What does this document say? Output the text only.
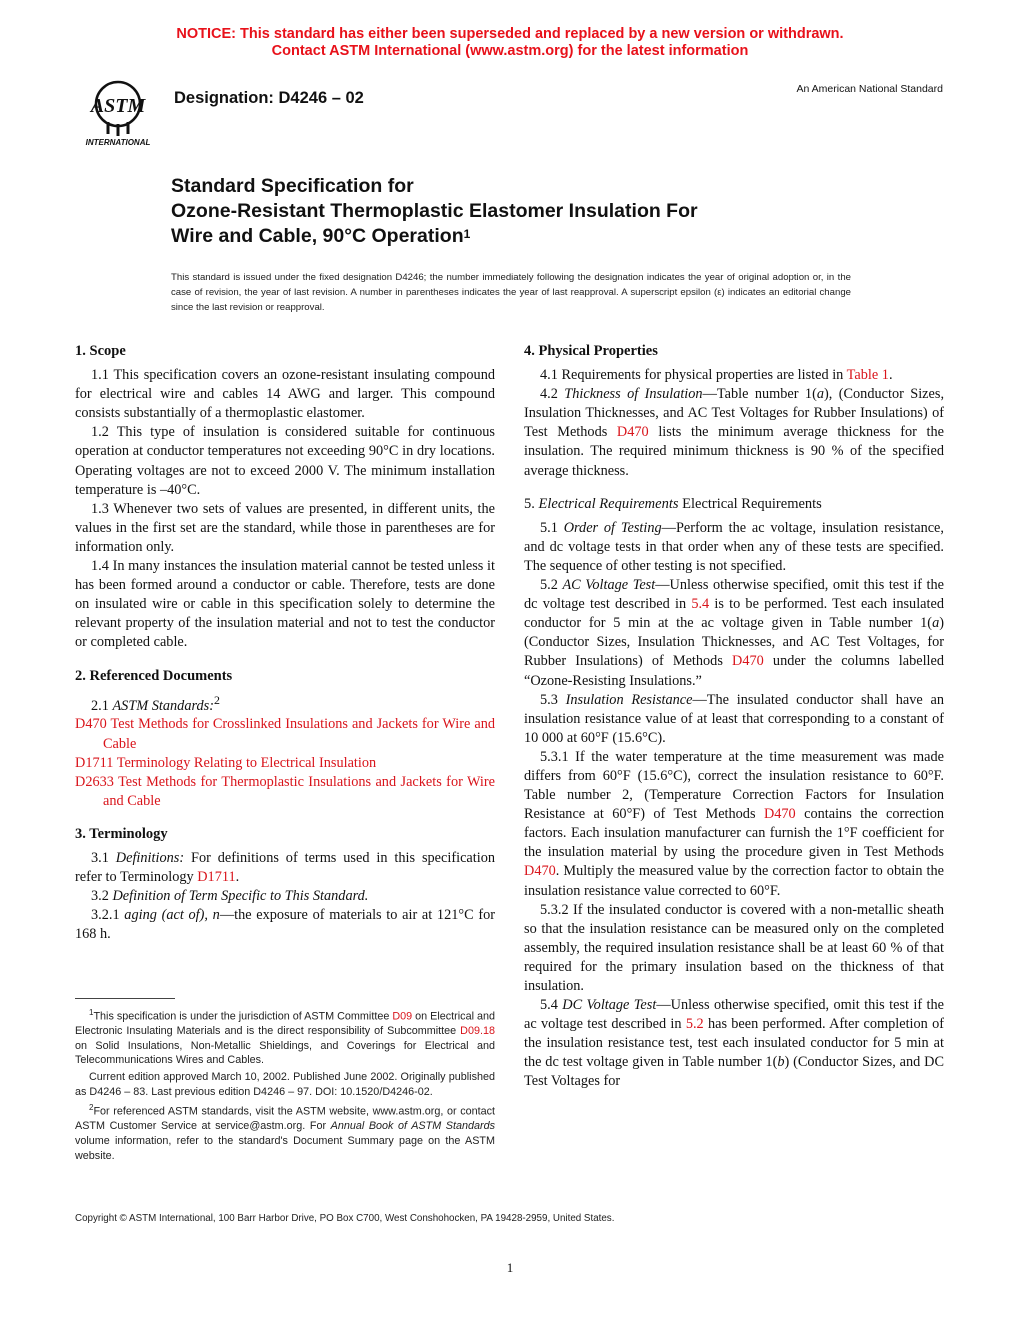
NOTICE: This standard has either been superseded and replaced by a new version or withdrawn.
Contact ASTM International (www.astm.org) for the latest information
ASTM
INTERNATIONAL
Designation: D4246 – 02	An American National Standard
Standard Specification for
Ozone-Resistant Thermoplastic Elastomer Insulation For
Wire and Cable, 90°C Operation$^1$
This standard is issued under the fixed designation D4246; the number immediately following the designation indicates the year of original adoption or, in the case of revision, the year of last revision. A number in parentheses indicates the year of last reapproval. A superscript epsilon (ε) indicates an editorial change since the last revision or reapproval.
1. Scope

1.1 This specification covers an ozone-resistant insulating compound for electrical wire and cables 14 AWG and larger. This compound consists substantially of a thermoplastic elastomer.

1.2 This type of insulation is considered suitable for continuous operation at conductor temperatures not exceeding 90°C in dry locations. Operating voltages are not to exceed 2000 V. The minimum installation temperature is –40°C.

1.3 Whenever two sets of values are presented, in different units, the values in the first set are the standard, while those in parentheses are for information only.

1.4 In many instances the insulation material cannot be tested unless it has been formed around a conductor or cable. Therefore, tests are done on insulated wire or cable in this specification solely to determine the relevant property of the insulation material and not to test the conductor or completed cable.

2. Referenced Documents

2.1 ASTM Standards:$^2$

D470 Test Methods for Crosslinked Insulations and Jackets for Wire and Cable

D1711 Terminology Relating to Electrical Insulation

D2633 Test Methods for Thermoplastic Insulations and Jackets for Wire and Cable

3. Terminology

3.1 Definitions: For definitions of terms used in this specification refer to Terminology D1711.

3.2 Definition of Term Specific to This Standard.

3.2.1 aging (act of), n—the exposure of materials to air at 121°C for 168 h.

$^1$This specification is under the jurisdiction of ASTM Committee D09 on Electrical and Electronic Insulating Materials and is the direct responsibility of Subcommittee D09.18 on Solid Insulations, Non-Metallic Shieldings, and Coverings for Electrical and Telecommunications Wires and Cables.

Current edition approved March 10, 2002. Published June 2002. Originally published as D4246 – 83. Last previous edition D4246 – 97. DOI: 10.1520/D4246-02.

$^2$For referenced ASTM standards, visit the ASTM website, www.astm.org, or contact ASTM Customer Service at service@astm.org. For Annual Book of ASTM Standards volume information, refer to the standard's Document Summary page on the ASTM website.

4. Physical Properties

4.1 Requirements for physical properties are listed in Table 1.

4.2 Thickness of Insulation—Table number 1(a), (Conductor Sizes, Insulation Thicknesses, and AC Test Voltages for Rubber Insulations) of Test Methods D470 lists the minimum average thickness for the insulation. The required minimum thickness is 90 % of the specified average thickness.

5. Electrical Requirements Electrical Requirements

5.1 Order of Testing—Perform the ac voltage, insulation resistance, and dc voltage tests in that order when any of these tests are specified. The sequence of other testing is not specified.

5.2 AC Voltage Test—Unless otherwise specified, omit this test if the dc voltage test described in 5.4 is to be performed. Test each insulated conductor for 5 min at the ac voltage given in Table number 1(a) (Conductor Sizes, Insulation Thicknesses, and AC Test Voltages, for Rubber Insulations) of Methods D470 under the columns labelled “Ozone-Resisting Insulations.”

5.3 Insulation Resistance—The insulated conductor shall have an insulation resistance value of at least that corresponding to a constant of 10 000 at 60°F (15.6°C).

5.3.1 If the water temperature at the time measurement was made differs from 60°F (15.6°C), correct the insulation resistance to 60°F. Table number 2, (Temperature Correction Factors for Insulation Resistance at 60°F) of Test Methods D470 contains the correction factors. Each insulation manufacturer can furnish the 1°F coefficient for the insulation material by using the procedure given in Test Methods D470. Multiply the measured value by the correction factor to obtain the insulation resistance value corrected to 60°F.

5.3.2 If the insulated conductor is covered with a non-metallic sheath so that the insulation resistance can be measured only on the completed assembly, the required insulation resistance shall be at least 60 % of that required for the primary insulation based on the thickness of that insulation.

5.4 DC Voltage Test—Unless otherwise specified, omit this test if the ac voltage test described in 5.2 has been performed. After completion of the insulation resistance test, test each insulated conductor for 5 min at the dc test voltage given in Table number 1(b) (Conductor Sizes, and DC Test Voltages for

Copyright © ASTM International, 100 Barr Harbor Drive, PO Box C700, West Conshohocken, PA 19428-2959, United States.
1
